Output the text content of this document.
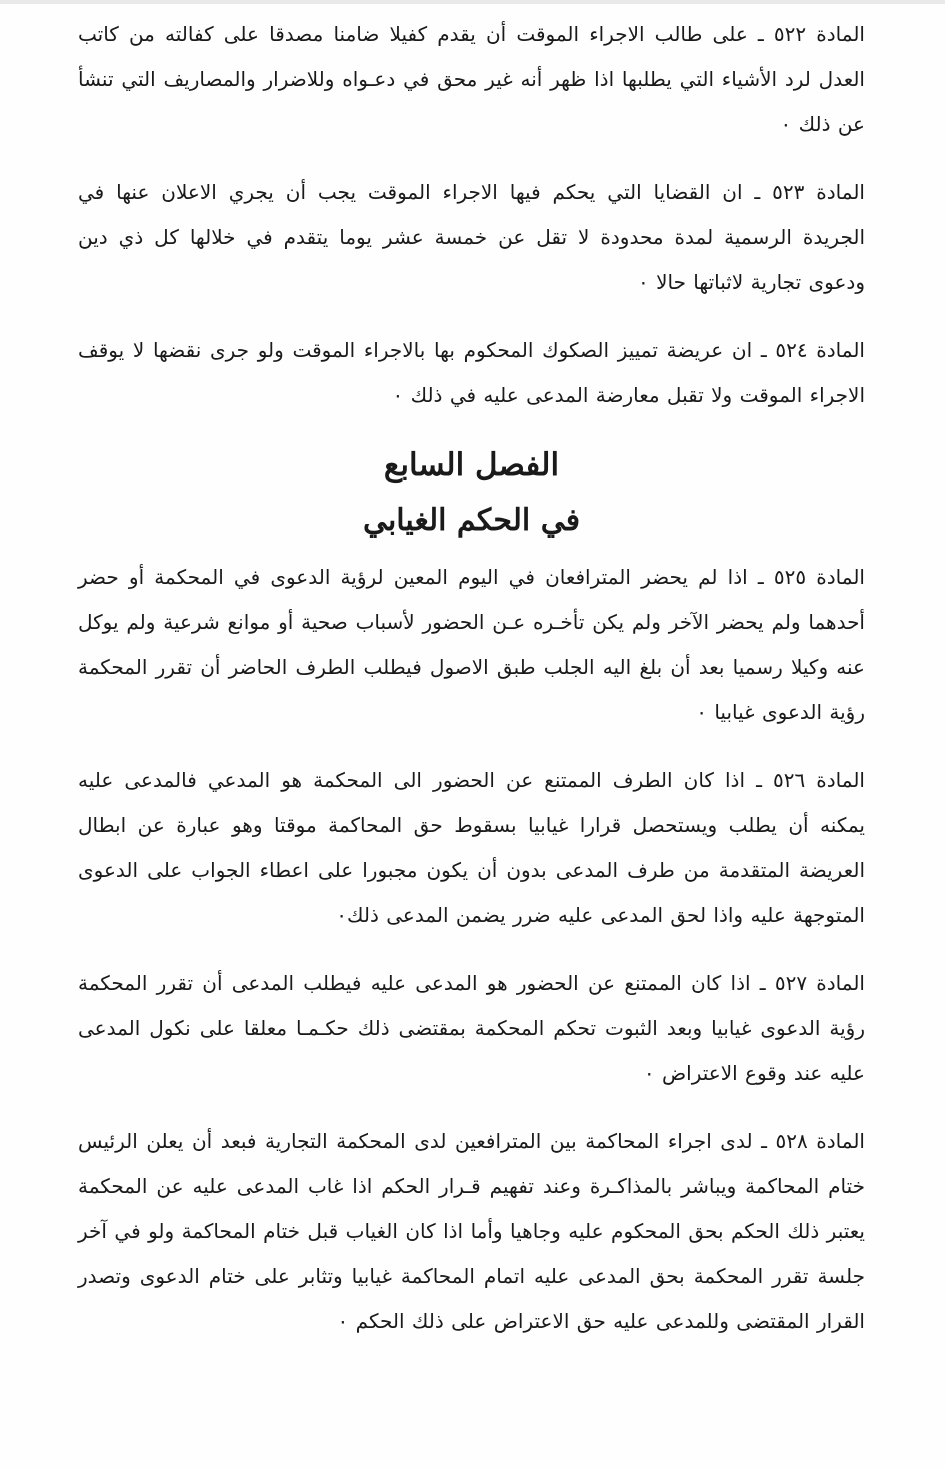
المادة ٥٢٢ ـ على طالب الاجراء الموقت أن يقدم كفيلا ضامنا مصدقا على كفالته من كاتب العدل لرد الأشياء التي يطلبها اذا ظهر أنه غير محق في دعـواه وللاضرار والمصاريف التي تنشأ عن ذلك ٠

المادة ٥٢٣ ـ ان القضايا التي يحكم فيها الاجراء الموقت يجب أن يجري الاعلان عنها في الجريدة الرسمية لمدة محدودة لا تقل عن خمسة عشر يوما يتقدم في خلالها كل ذي دين ودعوى تجارية لاثباتها حالا ٠

المادة ٥٢٤ ـ ان عريضة تمييز الصكوك المحكوم بها بالاجراء الموقت ولو جرى نقضها لا يوقف الاجراء الموقت ولا تقبل معارضة المدعى عليه في ذلك ٠

الفصل السابع
في الحكم الغيابي

المادة ٥٢٥ ـ اذا لم يحضر المترافعان في اليوم المعين لرؤية الدعوى في المحكمة أو حضر أحدهما ولم يحضر الآخر ولم يكن تأخـره عـن الحضور لأسباب صحية أو موانع شرعية ولم يوكل عنه وكيلا رسميا بعد أن بلغ اليه الجلب طبق الاصول فيطلب الطرف الحاضر أن تقرر المحكمة رؤية الدعوى غيابيا ٠

المادة ٥٢٦ ـ اذا كان الطرف الممتنع عن الحضور الى المحكمة هو المدعي فالمدعى عليه يمكنه أن يطلب ويستحصل قرارا غيابيا بسقوط حق المحاكمة موقتا وهو عبارة عن ابطال العريضة المتقدمة من طرف المدعى بدون أن يكون مجبورا على اعطاء الجواب على الدعوى المتوجهة عليه واذا لحق المدعى عليه ضرر يضمن المدعى ذلك٠

المادة ٥٢٧ ـ اذا كان الممتنع عن الحضور هو المدعى عليه فيطلب المدعى أن تقرر المحكمة رؤية الدعوى غيابيا وبعد الثبوت تحكم المحكمة بمقتضى ذلك حكـمـا معلقا على نكول المدعى عليه عند وقوع الاعتراض ٠

المادة ٥٢٨ ـ لدى اجراء المحاكمة بين المترافعين لدى المحكمة التجارية فبعد أن يعلن الرئيس ختام المحاكمة ويباشر بالمذاكـرة وعند تفهيم قـرار الحكم اذا غاب المدعى عليه عن المحكمة يعتبر ذلك الحكم بحق المحكوم عليه وجاهيا وأما اذا كان الغياب قبل ختام المحاكمة ولو في آخر جلسة تقرر المحكمة بحق المدعى عليه اتمام المحاكمة غيابيا وتثابر على ختام الدعوى وتصدر القرار المقتضى وللمدعى عليه حق الاعتراض على ذلك الحكم ٠
